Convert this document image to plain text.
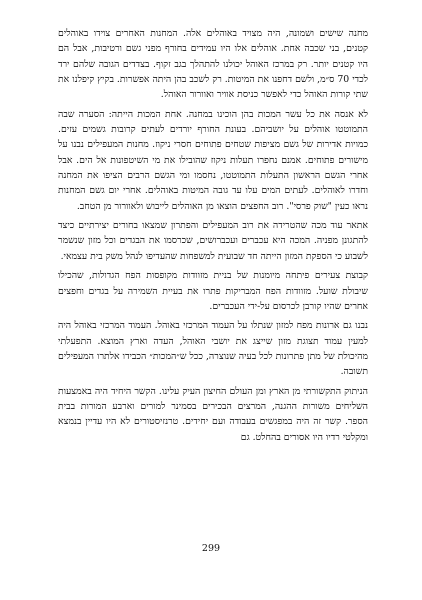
מחנה שישים ושמונה, היה מצויד באוהלים אלה. המחנות האחרים צוידו באוהלים קטנים, בני שכבה אחת. אוהלים אלו היו עמידים בחורף מפני גשם ורטיבות, אבל הם היו קטנים יותר. רק במרכז האוהל יכולנו להתהלך בגב זקוף. בצדדים הגובה שלהם ירד לכדי 70 ס״מ, ולשם דחפנו את המיטות. רק לשכב בהן היתה אפשרות. בקיץ קיפלנו את שתי קורות האוהל כדי לאפשר כניסת אוויר ואוורור האוהל.

לא אנסה את כל עשר המכות בהן הוכינו במחנה. אחת המכות הייתה: הסערה שבה התמוטטו אוהלים על יושביהם. בעונת החורף יורדים לעתים קרובות גשמים עזים. כמויות אדירות של גשם מציפות שטחים פתוחים חסרי ניקוז. מחנות המעפילים נבנו על מישורים פתוחים. אמנם נחפרו תעלות ניקוז שהובילו את מי השיטפונות אל הים. אבל אחרי הגשם הראשון התעלות התמוטטו, נחסמו ומי הגשם הרבים הציפו את המחנה וחדרו לאוהלים. לעתים המים עלו עד גובה המיטות באוהלים. אחרי יום גשם המחנות נראו כעין "שוק פרסי". רוב החפצים הוצאו מן האוהלים לייבוש ולאוורור מן הטחב.

אתאר עוד מכה שהטרידה את רוב המעפילים והפתרון שמצאו בחורים יצירתיים כיצד להתגונן מפניה. המכה היא עכברים ועכברושים, שכרסמו את הבגדים וכל מזון שנשמר לשבוע כי הספקת המזון הייתה חד שבועית למשפחות שהעדיפו לנהל משק בית עצמאי.

קבוצת צעירים פיתחה מיומנות של בניית מזוודות מקופסות הפח הגדולות, שהכילו שיבולת שועל. מזוודות הפח המבריקות פתרו את בעיית השמירה על בגדים וחפצים אחרים שהיו קורבן לכרסום על-ידי העכברים.

נבנו גם ארונות מפח למזון שנתלו על העמוד המרכזי באוהל. העמוד המרכזי באוהל היה למעין עמוד תצוגת מזון שייצג את יושבי האוהל, העדה וארץ המוצא. התפעלתי מהיכולת של מתן פתרונות לכל בעיה שנוצרה, ככל ש״המכות״ הכבידו אלתרו המעפילים תשובה.

הניתוק התקשורתי מן הארץ ומן העולם החיצון העיק עלינו. הקשר היחיד היה באמצעות השליחים משורות ההגנה, המרצים הבכירים בסמינר למורים וארבע המורות בבית הספר. קשר זה היה במפגשים בעבודה ועם יחידים. טרנזיסטורים לא היו עדיין בנמצא ומקלטי רדיו היו אסורים בהחלט. גם

299
